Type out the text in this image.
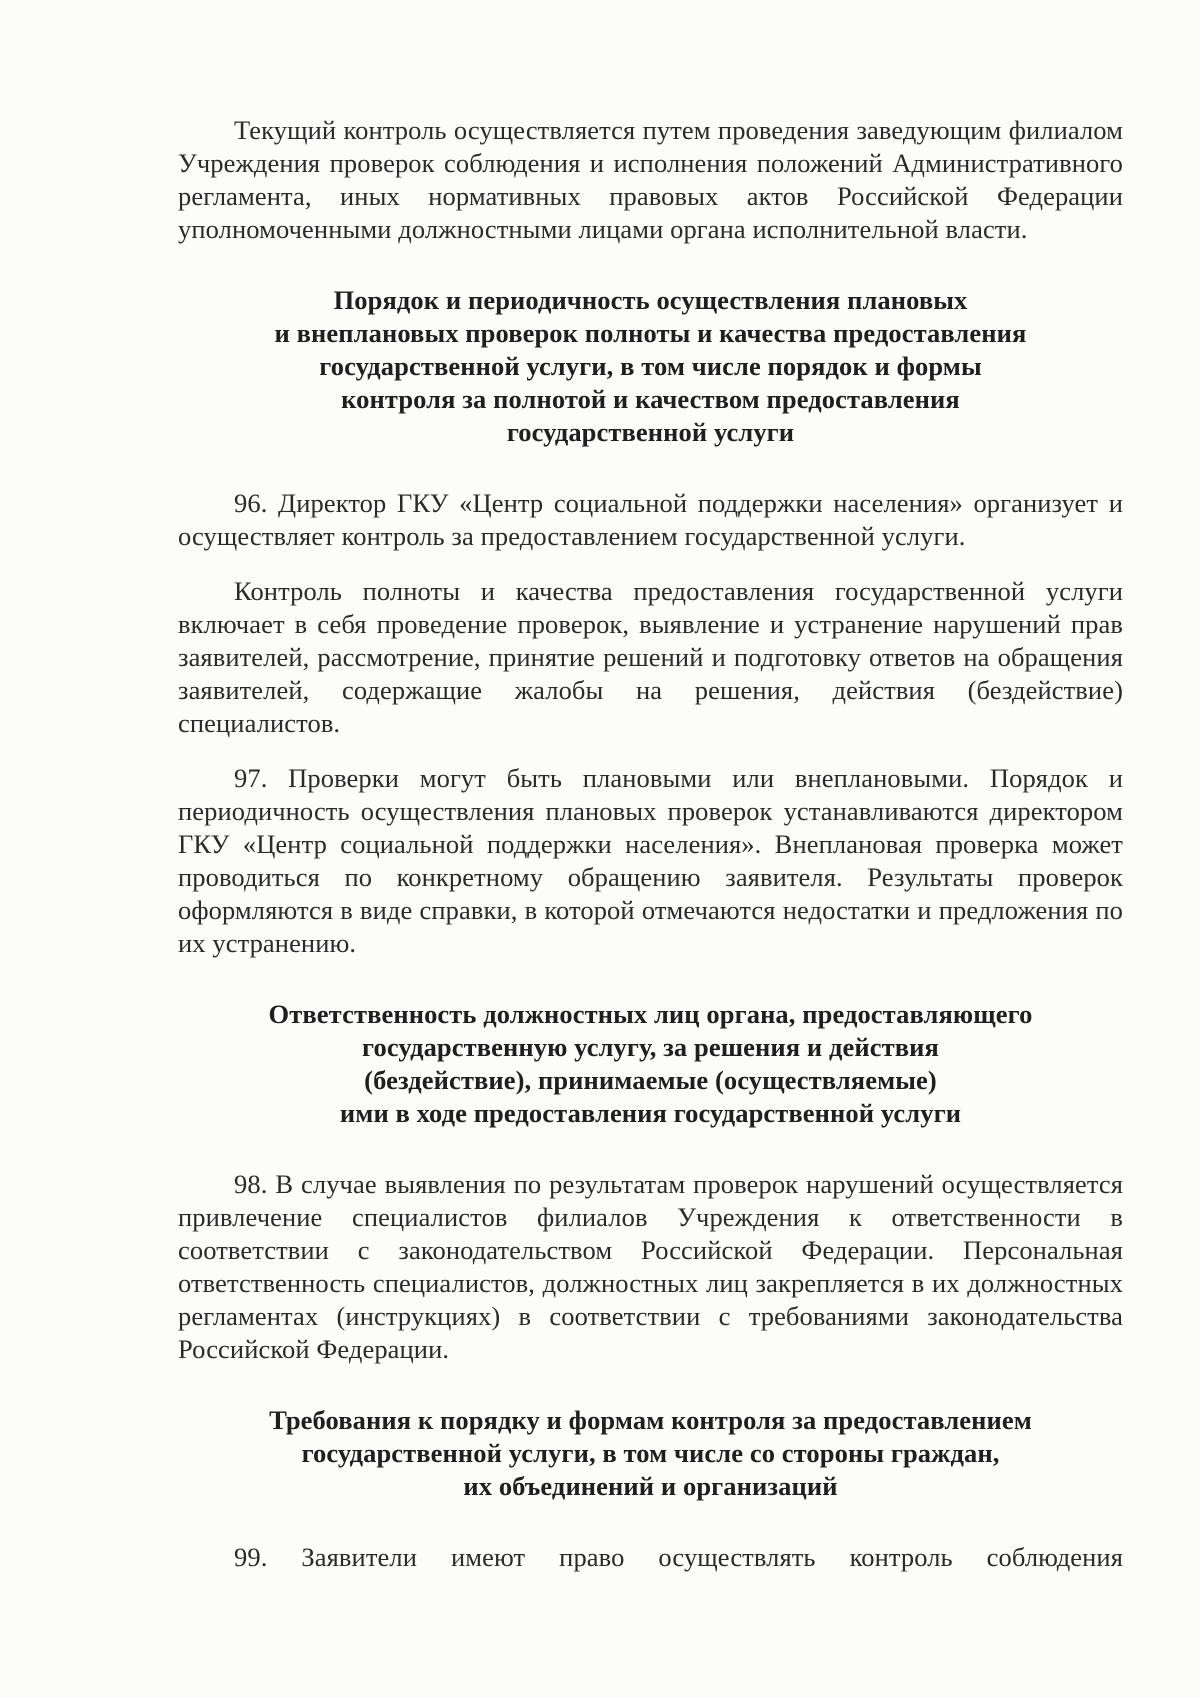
Текущий контроль осуществляется путем проведения заведующим филиалом Учреждения проверок соблюдения и исполнения положений Административного регламента, иных нормативных правовых актов Российской Федерации уполномоченными должностными лицами органа исполнительной власти.

Порядок и периодичность осуществления плановых
и внеплановых проверок полноты и качества предоставления
государственной услуги, в том числе порядок и формы
контроля за полнотой и качеством предоставления
государственной услуги

96. Директор ГКУ «Центр социальной поддержки населения» организует и осуществляет контроль за предоставлением государственной услуги.

Контроль полноты и качества предоставления государственной услуги включает в себя проведение проверок, выявление и устранение нарушений прав заявителей, рассмотрение, принятие решений и подготовку ответов на обращения заявителей, содержащие жалобы на решения, действия (бездействие) специалистов.

97. Проверки могут быть плановыми или внеплановыми. Порядок и периодичность осуществления плановых проверок устанавливаются директором ГКУ «Центр социальной поддержки населения». Внеплановая проверка может проводиться по конкретному обращению заявителя. Результаты проверок оформляются в виде справки, в которой отмечаются недостатки и предложения по их устранению.

Ответственность должностных лиц органа, предоставляющего
государственную услугу, за решения и действия
(бездействие), принимаемые (осуществляемые)
ими в ходе предоставления государственной услуги

98. В случае выявления по результатам проверок нарушений осуществляется привлечение специалистов филиалов Учреждения к ответственности в соответствии с законодательством Российской Федерации. Персональная ответственность специалистов, должностных лиц закрепляется в их должностных регламентах (инструкциях) в соответствии с требованиями законодательства Российской Федерации.

Требования к порядку и формам контроля за предоставлением
государственной услуги, в том числе со стороны граждан,
их объединений и организаций

99. Заявители имеют право осуществлять контроль соблюдения
